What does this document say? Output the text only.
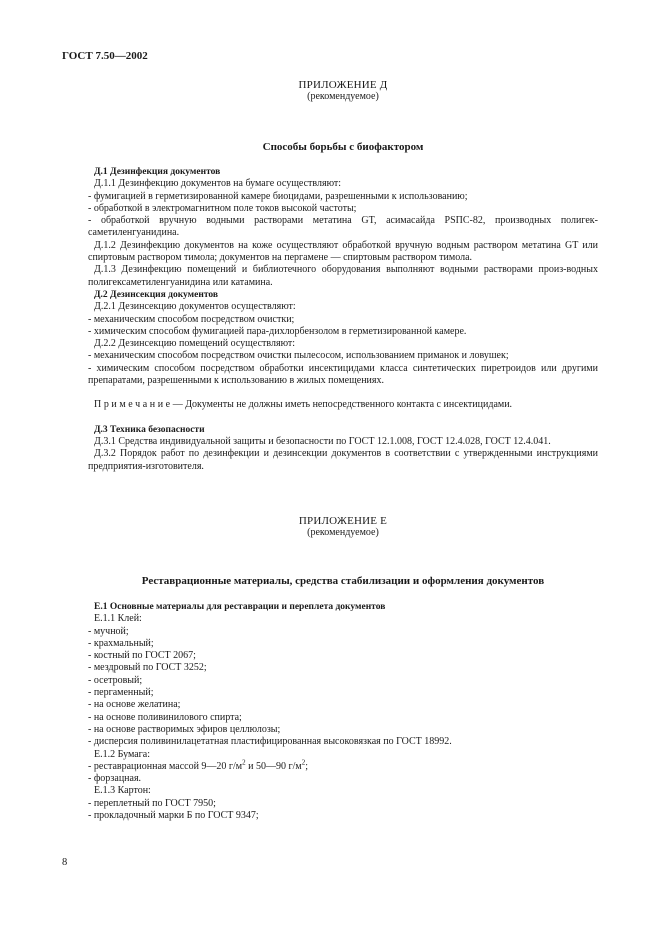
ГОСТ 7.50—2002
ПРИЛОЖЕНИЕ Д
(рекомендуемое)
Способы борьбы с биофактором
Д.1 Дезинфекция документов
Д.1.1 Дезинфекцию документов на бумаге осуществляют:
- фумигацией в герметизированной камере биоцидами, разрешенными к использованию;
- обработкой в электромагнитном поле токов высокой частоты;
- обработкой вручную водными растворами метатина GT, асимасайда PSПС-82, производных полигек-саметиленгуанидина.
Д.1.2 Дезинфекцию документов на коже осуществляют обработкой вручную водным раствором метатина GT или спиртовым раствором тимола; документов на пергамене — спиртовым раствором тимола.
Д.1.3 Дезинфекцию помещений и библиотечного оборудования выполняют водными растворами произ-водных полигексаметиленгуанидина или катамина.
Д.2 Дезинсекция документов
Д.2.1 Дезинсекцию документов осуществляют:
- механическим способом посредством очистки;
- химическим способом фумигацией пара-дихлорбензолом в герметизированной камере.
Д.2.2 Дезинсекцию помещений осуществляют:
- механическим способом посредством очистки пылесосом, использованием приманок и ловушек;
- химическим способом посредством обработки инсектицидами класса синтетических пиретроидов или другими препаратами, разрешенными к использованию в жилых помещениях.
Примечание— Документы не должны иметь непосредственного контакта с инсектицидами.
Д.3 Техника безопасности
Д.3.1 Средства индивидуальной защиты и безопасности по ГОСТ 12.1.008, ГОСТ 12.4.028, ГОСТ 12.4.041.
Д.3.2 Порядок работ по дезинфекции и дезинсекции документов в соответствии с утвержденными инструкциями предприятия-изготовителя.
ПРИЛОЖЕНИЕ Е
(рекомендуемое)
Реставрационные материалы, средства стабилизации и оформления документов
Е.1 Основные материалы для реставрации и переплета документов
Е.1.1 Клей:
- мучной;
- крахмальный;
- костный по ГОСТ 2067;
- мездровый по ГОСТ 3252;
- осетровый;
- пергаменный;
- на основе желатина;
- на основе поливинилового спирта;
- на основе растворимых эфиров целлюлозы;
- дисперсия поливинилацетатная пластифицированная высоковязкая по ГОСТ 18992.
Е.1.2 Бумага:
- реставрационная массой 9—20 $г/м^2$ и 50—90 $г/м^2$;
- форзацная.
Е.1.3 Картон:
- переплетный по ГОСТ 7950;
- прокладочный марки Б по ГОСТ 9347;
8
